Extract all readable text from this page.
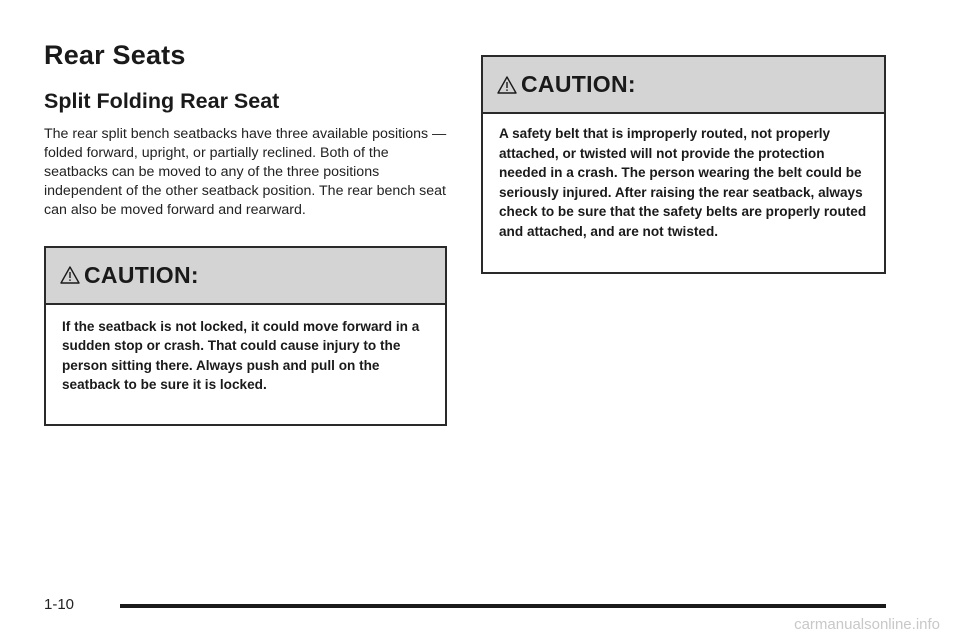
Rear Seats
Split Folding Rear Seat

The rear split bench seatbacks have three available positions — folded forward, upright, or partially reclined. Both of the seatbacks can be moved to any of the three positions independent of the other seatback position. The rear bench seat can also be moved forward and rearward.

CAUTION:
If the seatback is not locked, it could move forward in a sudden stop or crash. That could cause injury to the person sitting there. Always push and pull on the seatback to be sure it is locked.
CAUTION:
A safety belt that is improperly routed, not properly attached, or twisted will not provide the protection needed in a crash. The person wearing the belt could be seriously injured. After raising the rear seatback, always check to be sure that the safety belts are properly routed and attached, and are not twisted.
1-10
carmanualsonline.info
